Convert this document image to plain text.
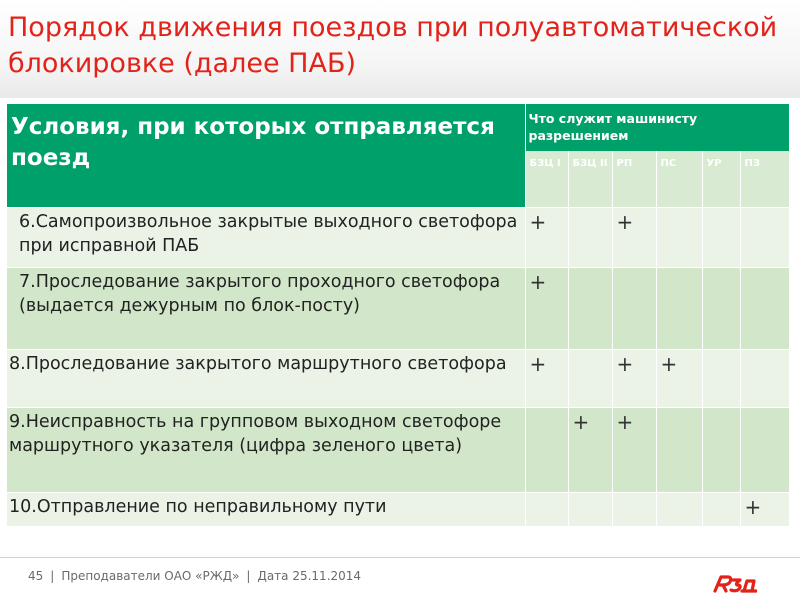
Порядок движения поездов при полуавтоматической блокировке (далее ПАБ)
Условия, при которых отправляется поезд	Что служит машинисту разрешением					
	БЗЦ I	БЗЦ II	РП	ПС	УР	ПЗ
6.Самопроизвольное закрытые выходного светофора при исправной ПАБ	+		+			
7.Проследование закрытого проходного светофора (выдается дежурным по блок-посту)	+					
8.Проследование закрытого маршрутного светофора	+		+	+		
9.Неисправность на групповом выходном светофоре маршрутного указателя (цифра зеленого цвета)		+	+			
10.Отправление по неправильному пути						+
45 | Преподаватели ОАО «РЖД» | Дата 25.11.2014
